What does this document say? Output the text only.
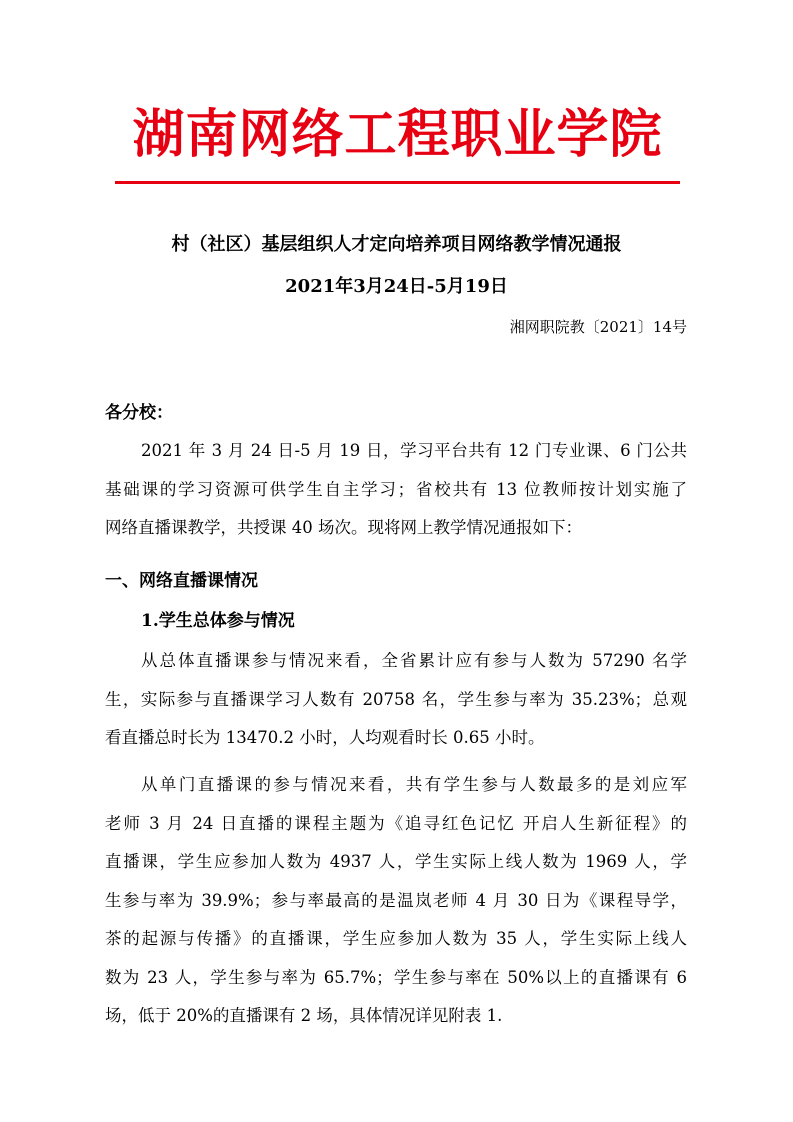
湖南网络工程职业学院
村（社区）基层组织人才定向培养项目网络教学情况通报
2021年3月24日-5月19日
湘网职院教〔2021〕14号
各分校：
2021 年 3 月 24 日-5 月 19 日，学习平台共有 12 门专业课、6 门公共
基础课的学习资源可供学生自主学习；省校共有 13 位教师按计划实施了
网络直播课教学，共授课 40 场次。现将网上教学情况通报如下：
一、网络直播课情况
1.学生总体参与情况
从总体直播课参与情况来看，全省累计应有参与人数为 57290 名学
生，实际参与直播课学习人数有 20758 名，学生参与率为 35.23%；总观
看直播总时长为 13470.2 小时，人均观看时长 0.65 小时。
从单门直播课的参与情况来看，共有学生参与人数最多的是刘应军
老师 3 月 24 日直播的课程主题为《追寻红色记忆 开启人生新征程》的
直播课，学生应参加人数为 4937 人，学生实际上线人数为 1969 人，学
生参与率为 39.9%；参与率最高的是温岚老师 4 月 30 日为《课程导学，
茶的起源与传播》的直播课，学生应参加人数为 35 人，学生实际上线人
数为 23 人，学生参与率为 65.7%；学生参与率在 50%以上的直播课有 6
场，低于 20%的直播课有 2 场，具体情况详见附表 1.
